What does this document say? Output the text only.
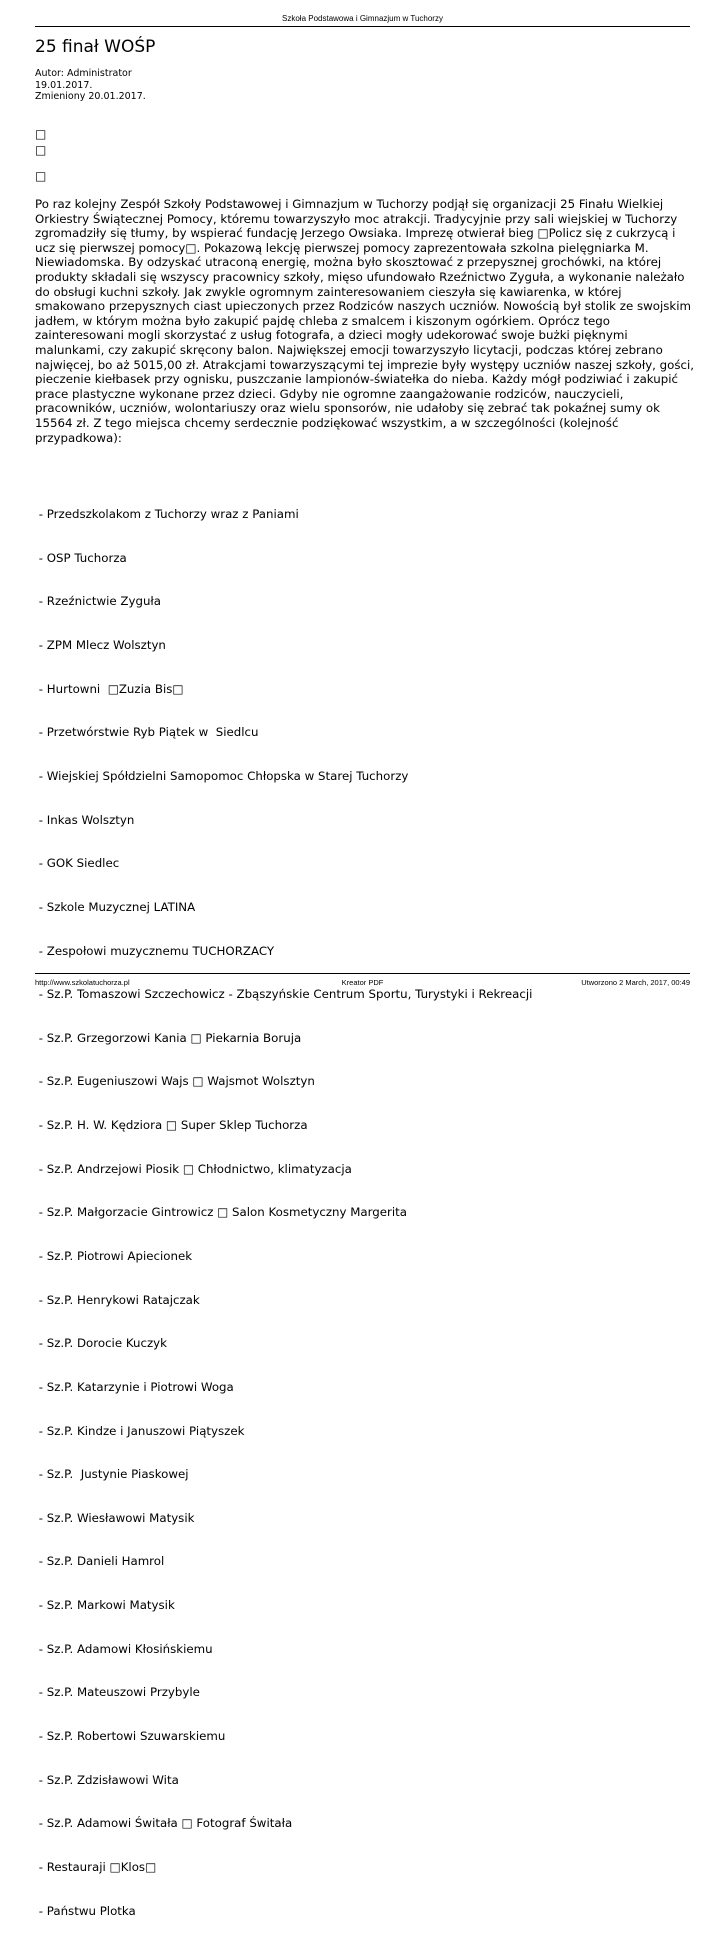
Szkoła Podstawowa i Gimnazjum w Tuchorzy
25 finał WOŚP
Autor: Administrator
19.01.2017.
Zmieniony 20.01.2017.
□
□
□

Po raz kolejny Zespół Szkoły Podstawowej i Gimnazjum w Tuchorzy podjął się organizacji 25 Finału Wielkiej Orkiestry Świątecznej Pomocy, któremu towarzyszyło moc atrakcji. Tradycyjnie przy sali wiejskiej w Tuchorzy zgromadziły się tłumy, by wspierać fundację Jerzego Owsiaka. Imprezę otwierał bieg □Policz się z cukrzycą i ucz się pierwszej pomocy□. Pokazową lekcję pierwszej pomocy zaprezentowała szkolna pielęgniarka M. Niewiadomska. By odzyskać utraconą energię, można było skosztować z przepysznej grochówki, na której produkty składali się wszyscy pracownicy szkoły, mięso ufundowało Rzeźnictwo Zyguła, a wykonanie należało do obsługi kuchni szkoły. Jak zwykle ogromnym zainteresowaniem cieszyła się kawiarenka, w której smakowano przepysznych ciast upieczonych przez Rodziców naszych uczniów. Nowością był stolik ze swojskim jadłem, w którym można było zakupić pajdę chleba z smalcem i kiszonym ogórkiem. Oprócz tego zainteresowani mogli skorzystać z usług fotografa, a dzieci mogły udekorować swoje bużki pięknymi malunkami, czy zakupić skręcony balon. Największej emocji towarzyszyło licytacji, podczas której zebrano najwięcej, bo aż 5015,00 zł. Atrakcjami towarzyszącymi tej imprezie były występy uczniów naszej szkoły, gości, pieczenie kiełbasek przy ognisku, puszczanie lampionów-światełka do nieba. Każdy mógł podziwiać i zakupić prace plastyczne wykonane przez dzieci. Gdyby nie ogromne zaangażowanie rodziców, nauczycieli, pracowników, uczniów, wolontariuszy oraz wielu sponsorów, nie udałoby się zebrać tak pokaźnej sumy ok 15564 zł. Z tego miejsca chcemy serdecznie podziękować wszystkim, a w szczególności (kolejność przypadkowa):

- Przedszkolakom z Tuchorzy wraz z Paniami

- OSP Tuchorza

- Rzeźnictwie Zyguła

- ZPM Mlecz Wolsztyn

- Hurtowni  □Zuzia Bis□

- Przetwórstwie Ryb Piątek w  Siedlcu

- Wiejskiej Spółdzielni Samopomoc Chłopska w Starej Tuchorzy

- Inkas Wolsztyn

- GOK Siedlec

- Szkole Muzycznej LATINA

- Zespołowi muzycznemu TUCHORZACY

- Sz.P. Tomaszowi Szczechowicz - Zbąszyńskie Centrum Sportu, Turystyki i Rekreacji

- Sz.P. Grzegorzowi Kania □ Piekarnia Boruja

- Sz.P. Eugeniuszowi Wajs □ Wajsmot Wolsztyn

- Sz.P. H. W. Kędziora □ Super Sklep Tuchorza

- Sz.P. Andrzejowi Piosik □ Chłodnictwo, klimatyzacja

- Sz.P. Małgorzacie Gintrowicz □ Salon Kosmetyczny Margerita

- Sz.P. Piotrowi Apiecionek

- Sz.P. Henrykowi Ratajczak

- Sz.P. Dorocie Kuczyk

- Sz.P. Katarzynie i Piotrowi Woga

- Sz.P. Kindze i Januszowi Piątyszek

- Sz.P.  Justynie Piaskowej

- Sz.P. Wiesławowi Matysik

- Sz.P. Danieli Hamrol

- Sz.P. Markowi Matysik

- Sz.P. Adamowi Kłosińskiemu

- Sz.P. Mateuszowi Przybyle

- Sz.P. Robertowi Szuwarskiemu

- Sz.P. Zdzisławowi Wita

- Sz.P. Adamowi Świtała □ Fotograf Świtała

- Restauraji □Klos□

- Państwu Plotka

http://www.szkolatuchorza.pl	Kreator PDF	Utworzono 2 March, 2017, 00:49
